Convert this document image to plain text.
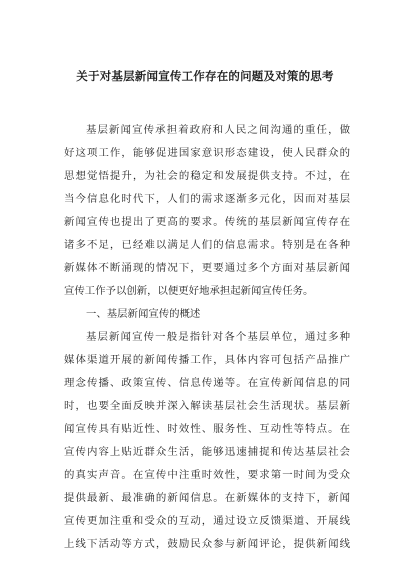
关于对基层新闻宣传工作存在的问题及对策的思考
基层新闻宣传承担着政府和人民之间沟通的重任，做
好这项工作，能够促进国家意识形态建设，使人民群众的
思想觉悟提升，为社会的稳定和发展提供支持。不过，在
当今信息化时代下，人们的需求逐渐多元化，因而对基层
新闻宣传也提出了更高的要求。传统的基层新闻宣传存在
诸多不足，已经难以满足人们的信息需求。特别是在各种
新媒体不断涌现的情况下，更要通过多个方面对基层新闻
宣传工作予以创新，以便更好地承担起新闻宣传任务。
一、基层新闻宣传的概述
基层新闻宣传一般是指针对各个基层单位，通过多种
媒体渠道开展的新闻传播工作，具体内容可包括产品推广
理念传播、政策宣传、信息传递等。在宣传新闻信息的同
时，也要全面反映并深入解读基层社会生活现状。基层新
闻宣传具有贴近性、时效性、服务性、互动性等特点。在
宣传内容上贴近群众生活，能够迅速捕捉和传达基层社会
的真实声音。在宣传中注重时效性，要求第一时间为受众
提供最新、最准确的新闻信息。在新媒体的支持下，新闻
宣传更加注重和受众的互动，通过设立反馈渠道、开展线
上线下活动等方式，鼓励民众参与新闻评论，提供新闻线
